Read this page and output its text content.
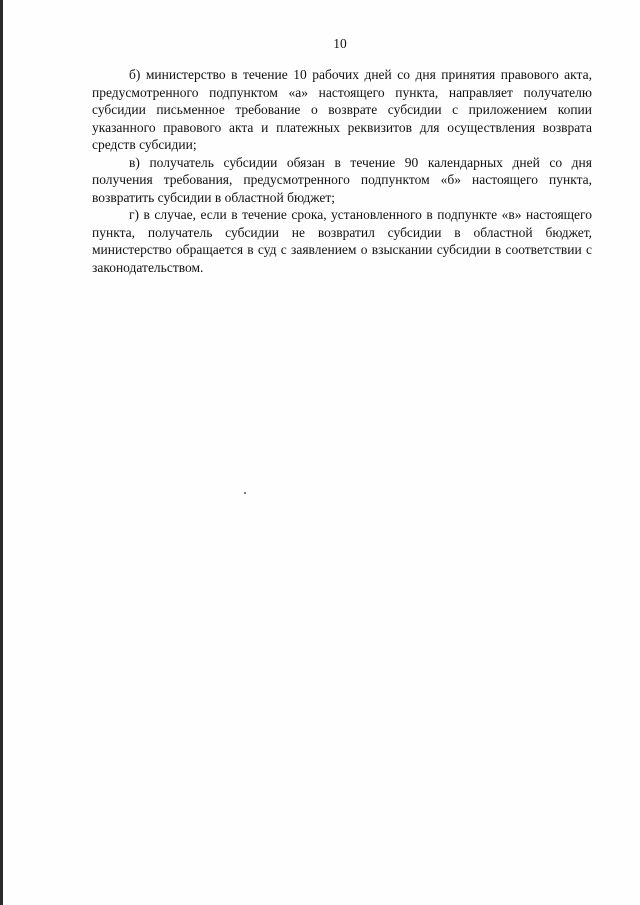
10

б) министерство в течение 10 рабочих дней со дня принятия правового акта, предусмотренного подпунктом «а» настоящего пункта, направляет получателю субсидии письменное требование о возврате субсидии с приложением копии указанного правового акта и платежных реквизитов для осуществления возврата средств субсидии;

в) получатель субсидии обязан в течение 90 календарных дней со дня получения требования, предусмотренного подпунктом «б» настоящего пункта, возвратить субсидии в областной бюджет;

г) в случае, если в течение срока, установленного в подпункте «в» настоящего пункта, получатель субсидии не возвратил субсидии в областной бюджет, министерство обращается в суд с заявлением о взыскании субсидии в соответствии с законодательством.
